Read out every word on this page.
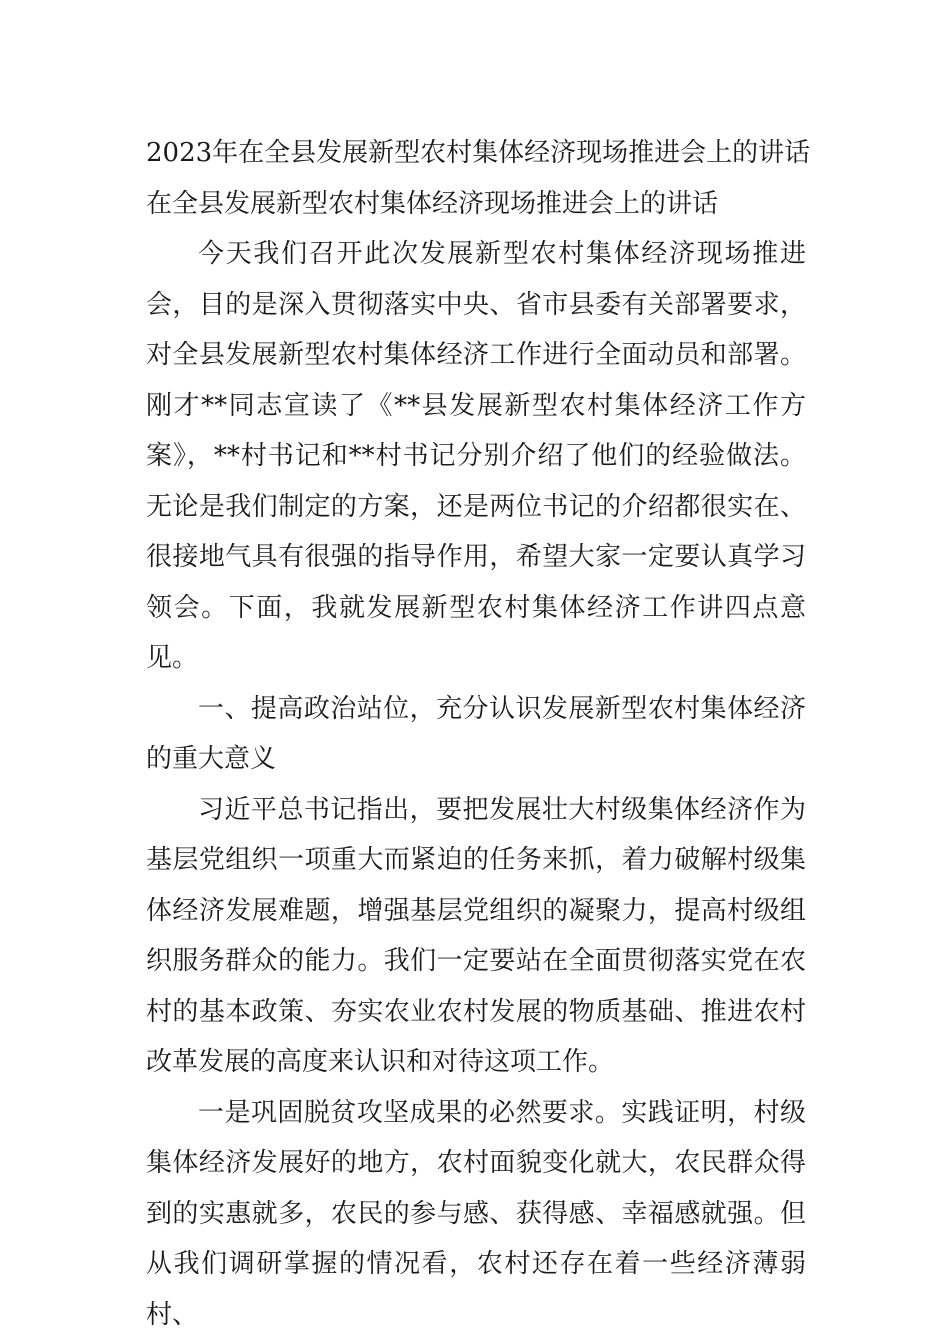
2023年在全县发展新型农村集体经济现场推进会上的讲话

在全县发展新型农村集体经济现场推进会上的讲话

今天我们召开此次发展新型农村集体经济现场推进会，目的是深入贯彻落实中央、省市县委有关部署要求，对全县发展新型农村集体经济工作进行全面动员和部署。刚才**同志宣读了《**县发展新型农村集体经济工作方案》，**村书记和**村书记分别介绍了他们的经验做法。无论是我们制定的方案，还是两位书记的介绍都很实在、很接地气具有很强的指导作用，希望大家一定要认真学习领会。下面，我就发展新型农村集体经济工作讲四点意见。

一、提高政治站位，充分认识发展新型农村集体经济的重大意义

习近平总书记指出，要把发展壮大村级集体经济作为基层党组织一项重大而紧迫的任务来抓，着力破解村级集体经济发展难题，增强基层党组织的凝聚力，提高村级组织服务群众的能力。我们一定要站在全面贯彻落实党在农村的基本政策、夯实农业农村发展的物质基础、推进农村改革发展的高度来认识和对待这项工作。

一是巩固脱贫攻坚成果的必然要求。实践证明，村级集体经济发展好的地方，农村面貌变化就大，农民群众得到的实惠就多，农民的参与感、获得感、幸福感就强。但从我们调研掌握的情况看，农村还存在着一些经济薄弱村、
